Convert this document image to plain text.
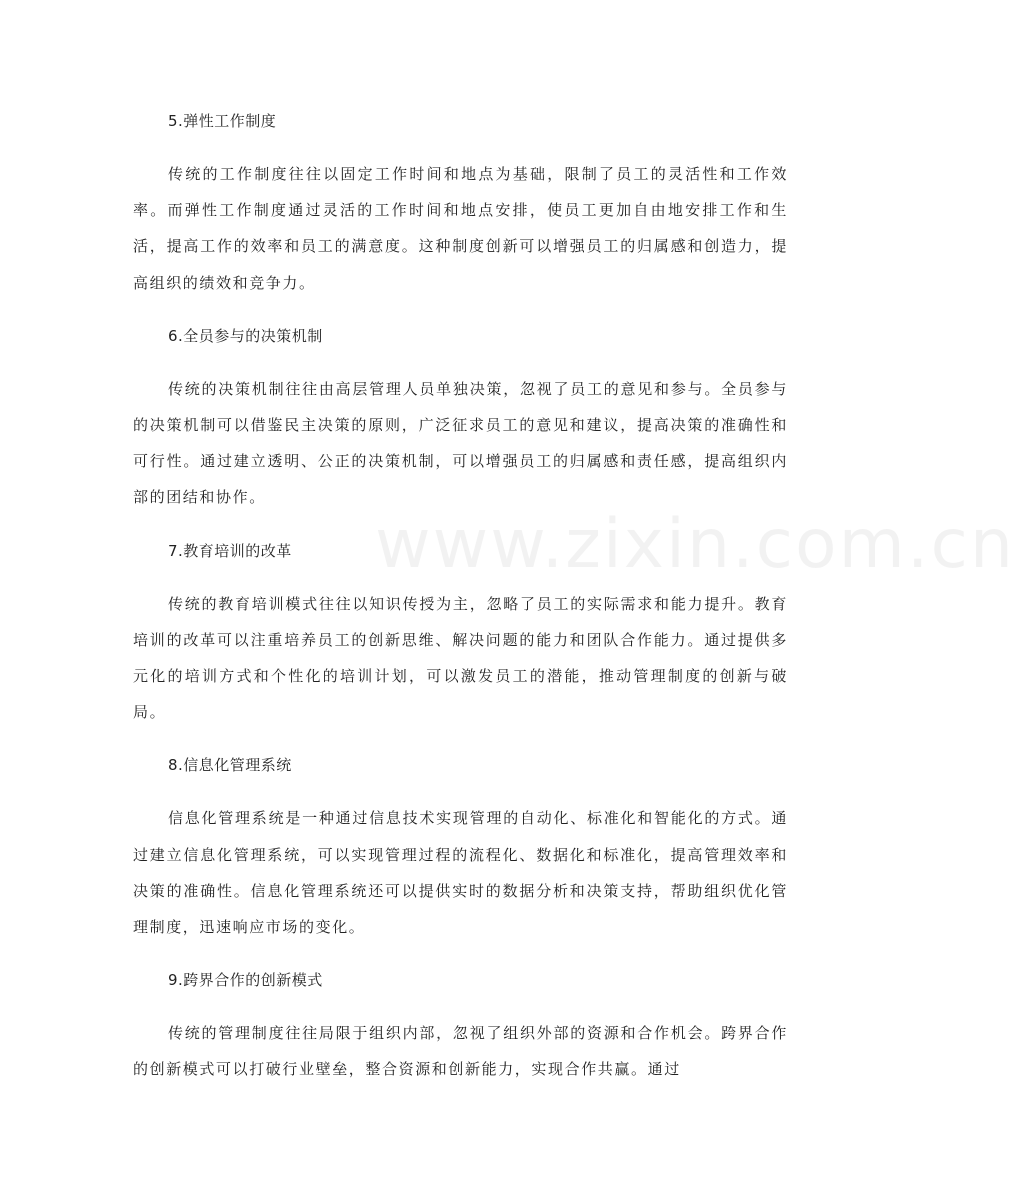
www.zixin.com.cn
5.弹性工作制度

传统的工作制度往往以固定工作时间和地点为基础，限制了员工的灵活性和工作效率。而弹性工作制度通过灵活的工作时间和地点安排，使员工更加自由地安排工作和生活，提高工作的效率和员工的满意度。这种制度创新可以增强员工的归属感和创造力，提高组织的绩效和竞争力。

6.全员参与的决策机制

传统的决策机制往往由高层管理人员单独决策，忽视了员工的意见和参与。全员参与的决策机制可以借鉴民主决策的原则，广泛征求员工的意见和建议，提高决策的准确性和可行性。通过建立透明、公正的决策机制，可以增强员工的归属感和责任感，提高组织内部的团结和协作。

7.教育培训的改革

传统的教育培训模式往往以知识传授为主，忽略了员工的实际需求和能力提升。教育培训的改革可以注重培养员工的创新思维、解决问题的能力和团队合作能力。通过提供多元化的培训方式和个性化的培训计划，可以激发员工的潜能，推动管理制度的创新与破局。

8.信息化管理系统

信息化管理系统是一种通过信息技术实现管理的自动化、标准化和智能化的方式。通过建立信息化管理系统，可以实现管理过程的流程化、数据化和标准化，提高管理效率和决策的准确性。信息化管理系统还可以提供实时的数据分析和决策支持，帮助组织优化管理制度，迅速响应市场的变化。

9.跨界合作的创新模式

传统的管理制度往往局限于组织内部，忽视了组织外部的资源和合作机会。跨界合作的创新模式可以打破行业壁垒，整合资源和创新能力，实现合作共赢。通过
